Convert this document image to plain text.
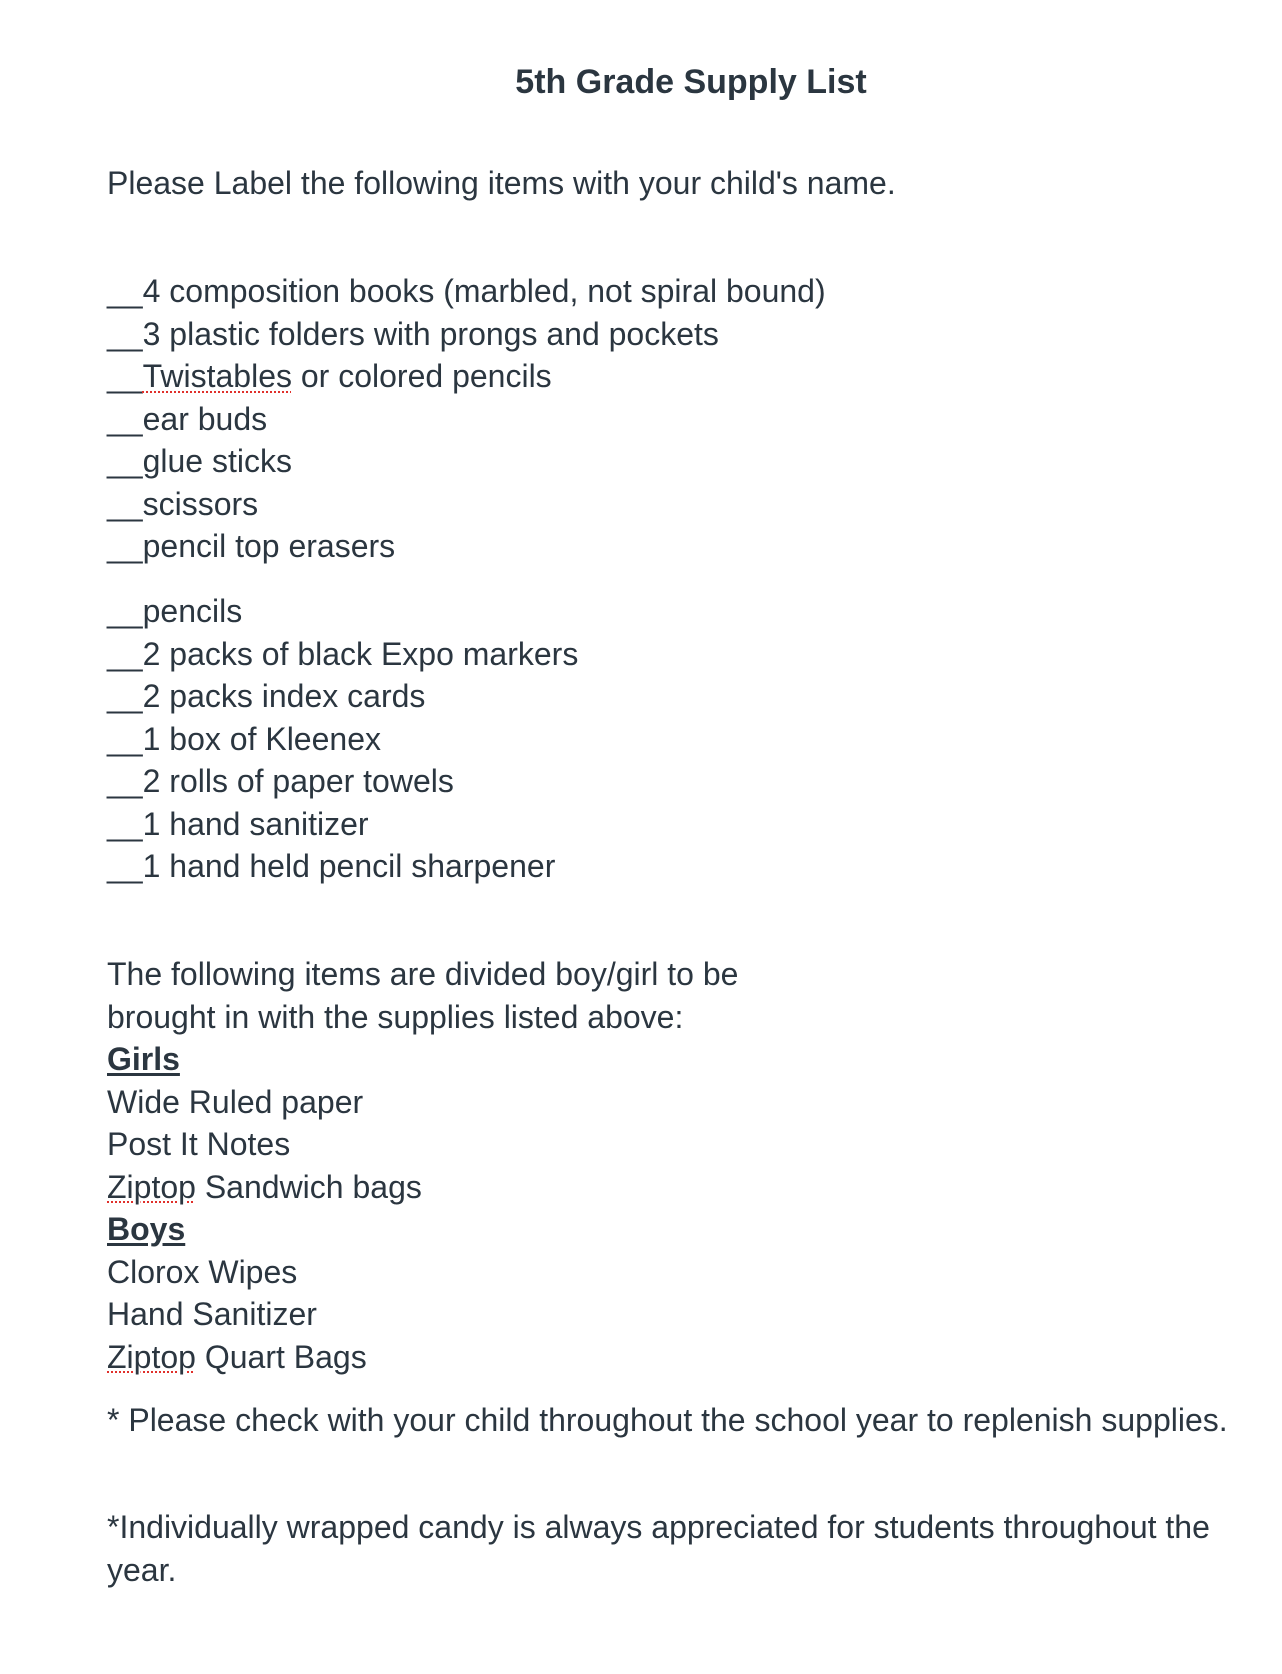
5th Grade Supply List
Please Label the following items with your child's name.
__4 composition books (marbled, not spiral bound)
__3 plastic folders with prongs and pockets
__Twistables or colored pencils
__ear buds
__glue sticks
__scissors
__pencil top erasers
__pencils
__2 packs of black Expo markers
__2 packs index cards
__1 box of Kleenex
__2 rolls of paper towels
__1 hand sanitizer
__1 hand held pencil sharpener
The following items are divided boy/girl to be
brought in with the supplies listed above:
Girls
Wide Ruled paper
Post It Notes
Ziptop Sandwich bags
Boys
Clorox Wipes
Hand Sanitizer
Ziptop Quart Bags
* Please check with your child throughout the school year to replenish supplies.
*Individually wrapped candy is always appreciated for students throughout the year.
